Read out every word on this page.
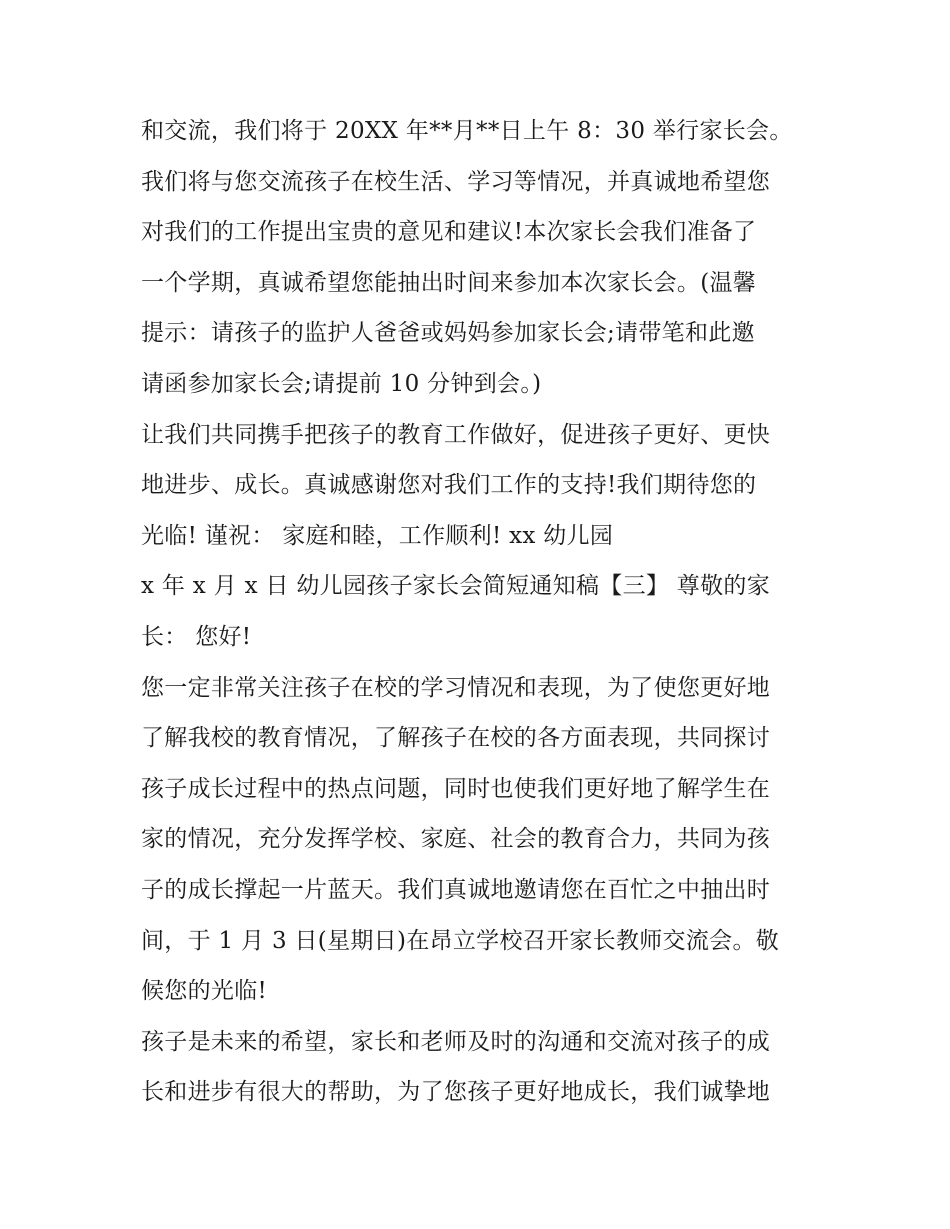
和交流，我们将于 20XX 年**月**日上午 8：30 举行家长会。
我们将与您交流孩子在校生活、学习等情况，并真诚地希望您
对我们的工作提出宝贵的意见和建议!本次家长会我们准备了
一个学期，真诚希望您能抽出时间来参加本次家长会。(温馨
提示：请孩子的监护人爸爸或妈妈参加家长会;请带笔和此邀
请函参加家长会;请提前 10 分钟到会。)
让我们共同携手把孩子的教育工作做好，促进孩子更好、更快
地进步、成长。真诚感谢您对我们工作的支持!我们期待您的
光临! 谨祝： 家庭和睦，工作顺利! xx 幼儿园
x 年 x 月 x 日 幼儿园孩子家长会简短通知稿【三】 尊敬的家
长： 您好!
您一定非常关注孩子在校的学习情况和表现，为了使您更好地
了解我校的教育情况，了解孩子在校的各方面表现，共同探讨
孩子成长过程中的热点问题，同时也使我们更好地了解学生在
家的情况，充分发挥学校、家庭、社会的教育合力，共同为孩
子的成长撑起一片蓝天。我们真诚地邀请您在百忙之中抽出时
间，于 1 月 3 日(星期日)在昂立学校召开家长教师交流会。敬
候您的光临!
孩子是未来的希望，家长和老师及时的沟通和交流对孩子的成
长和进步有很大的帮助，为了您孩子更好地成长，我们诚挚地
